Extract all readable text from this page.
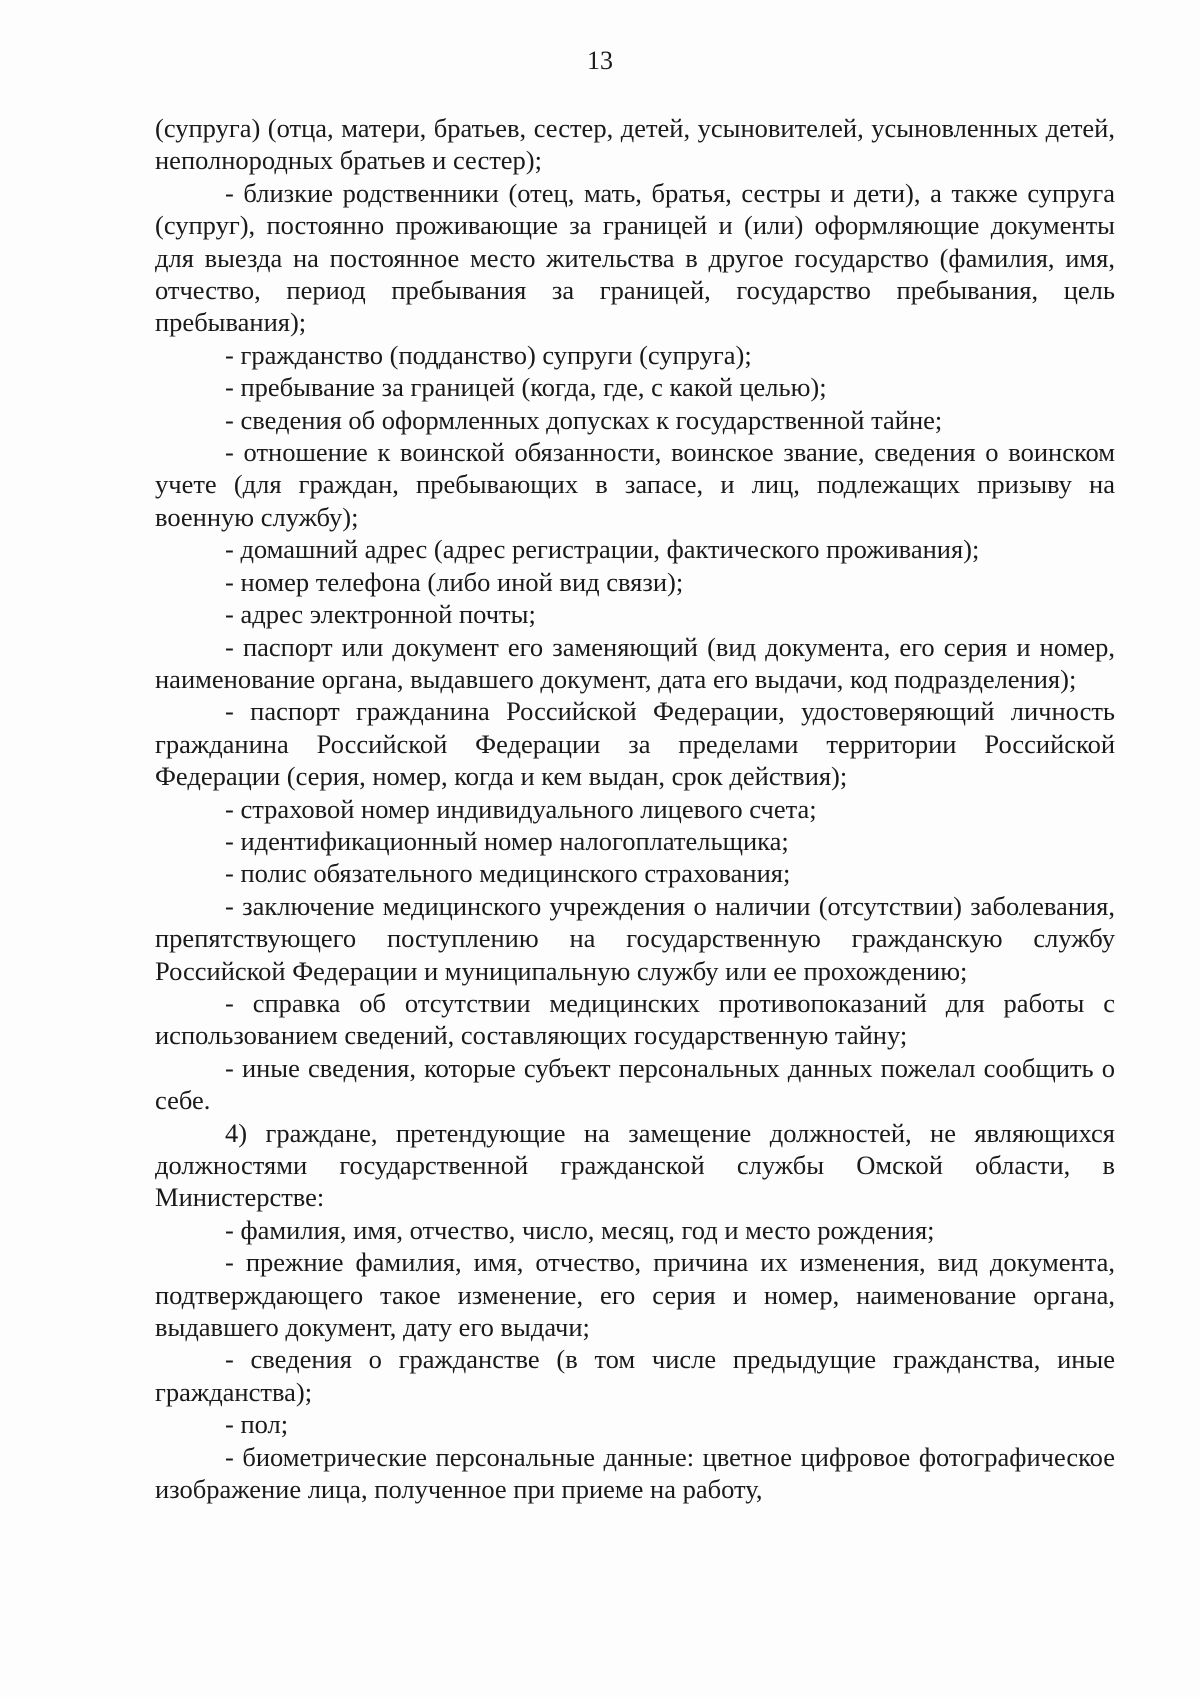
13

(супруга) (отца, матери, братьев, сестер, детей, усыновителей, усыновленных детей, неполнородных братьев и сестер);

- близкие родственники (отец, мать, братья, сестры и дети), а также супруга (супруг), постоянно проживающие за границей и (или) оформляющие документы для выезда на постоянное место жительства в другое государство (фамилия, имя, отчество, период пребывания за границей, государство пребывания, цель пребывания);

- гражданство (подданство) супруги (супруга);

- пребывание за границей (когда, где, с какой целью);

- сведения об оформленных допусках к государственной тайне;

- отношение к воинской обязанности, воинское звание, сведения о воинском учете (для граждан, пребывающих в запасе, и лиц, подлежащих призыву на военную службу);

- домашний адрес (адрес регистрации, фактического проживания);

- номер телефона (либо иной вид связи);

- адрес электронной почты;

- паспорт или документ его заменяющий (вид документа, его серия и номер, наименование органа, выдавшего документ, дата его выдачи, код подразделения);

- паспорт гражданина Российской Федерации, удостоверяющий личность гражданина Российской Федерации за пределами территории Российской Федерации (серия, номер, когда и кем выдан, срок действия);

- страховой номер индивидуального лицевого счета;

- идентификационный номер налогоплательщика;

- полис обязательного медицинского страхования;

- заключение медицинского учреждения о наличии (отсутствии) заболевания, препятствующего поступлению на государственную гражданскую службу Российской Федерации и муниципальную службу или ее прохождению;

- справка об отсутствии медицинских противопоказаний для работы с использованием сведений, составляющих государственную тайну;

- иные сведения, которые субъект персональных данных пожелал сообщить о себе.

4) граждане, претендующие на замещение должностей, не являющихся должностями государственной гражданской службы Омской области, в Министерстве:

- фамилия, имя, отчество, число, месяц, год и место рождения;

- прежние фамилия, имя, отчество, причина их изменения, вид документа, подтверждающего такое изменение, его серия и номер, наименование органа, выдавшего документ, дату его выдачи;

- сведения о гражданстве (в том числе предыдущие гражданства, иные гражданства);

- пол;

- биометрические персональные данные: цветное цифровое фотографическое изображение лица, полученное при приеме на работу,
